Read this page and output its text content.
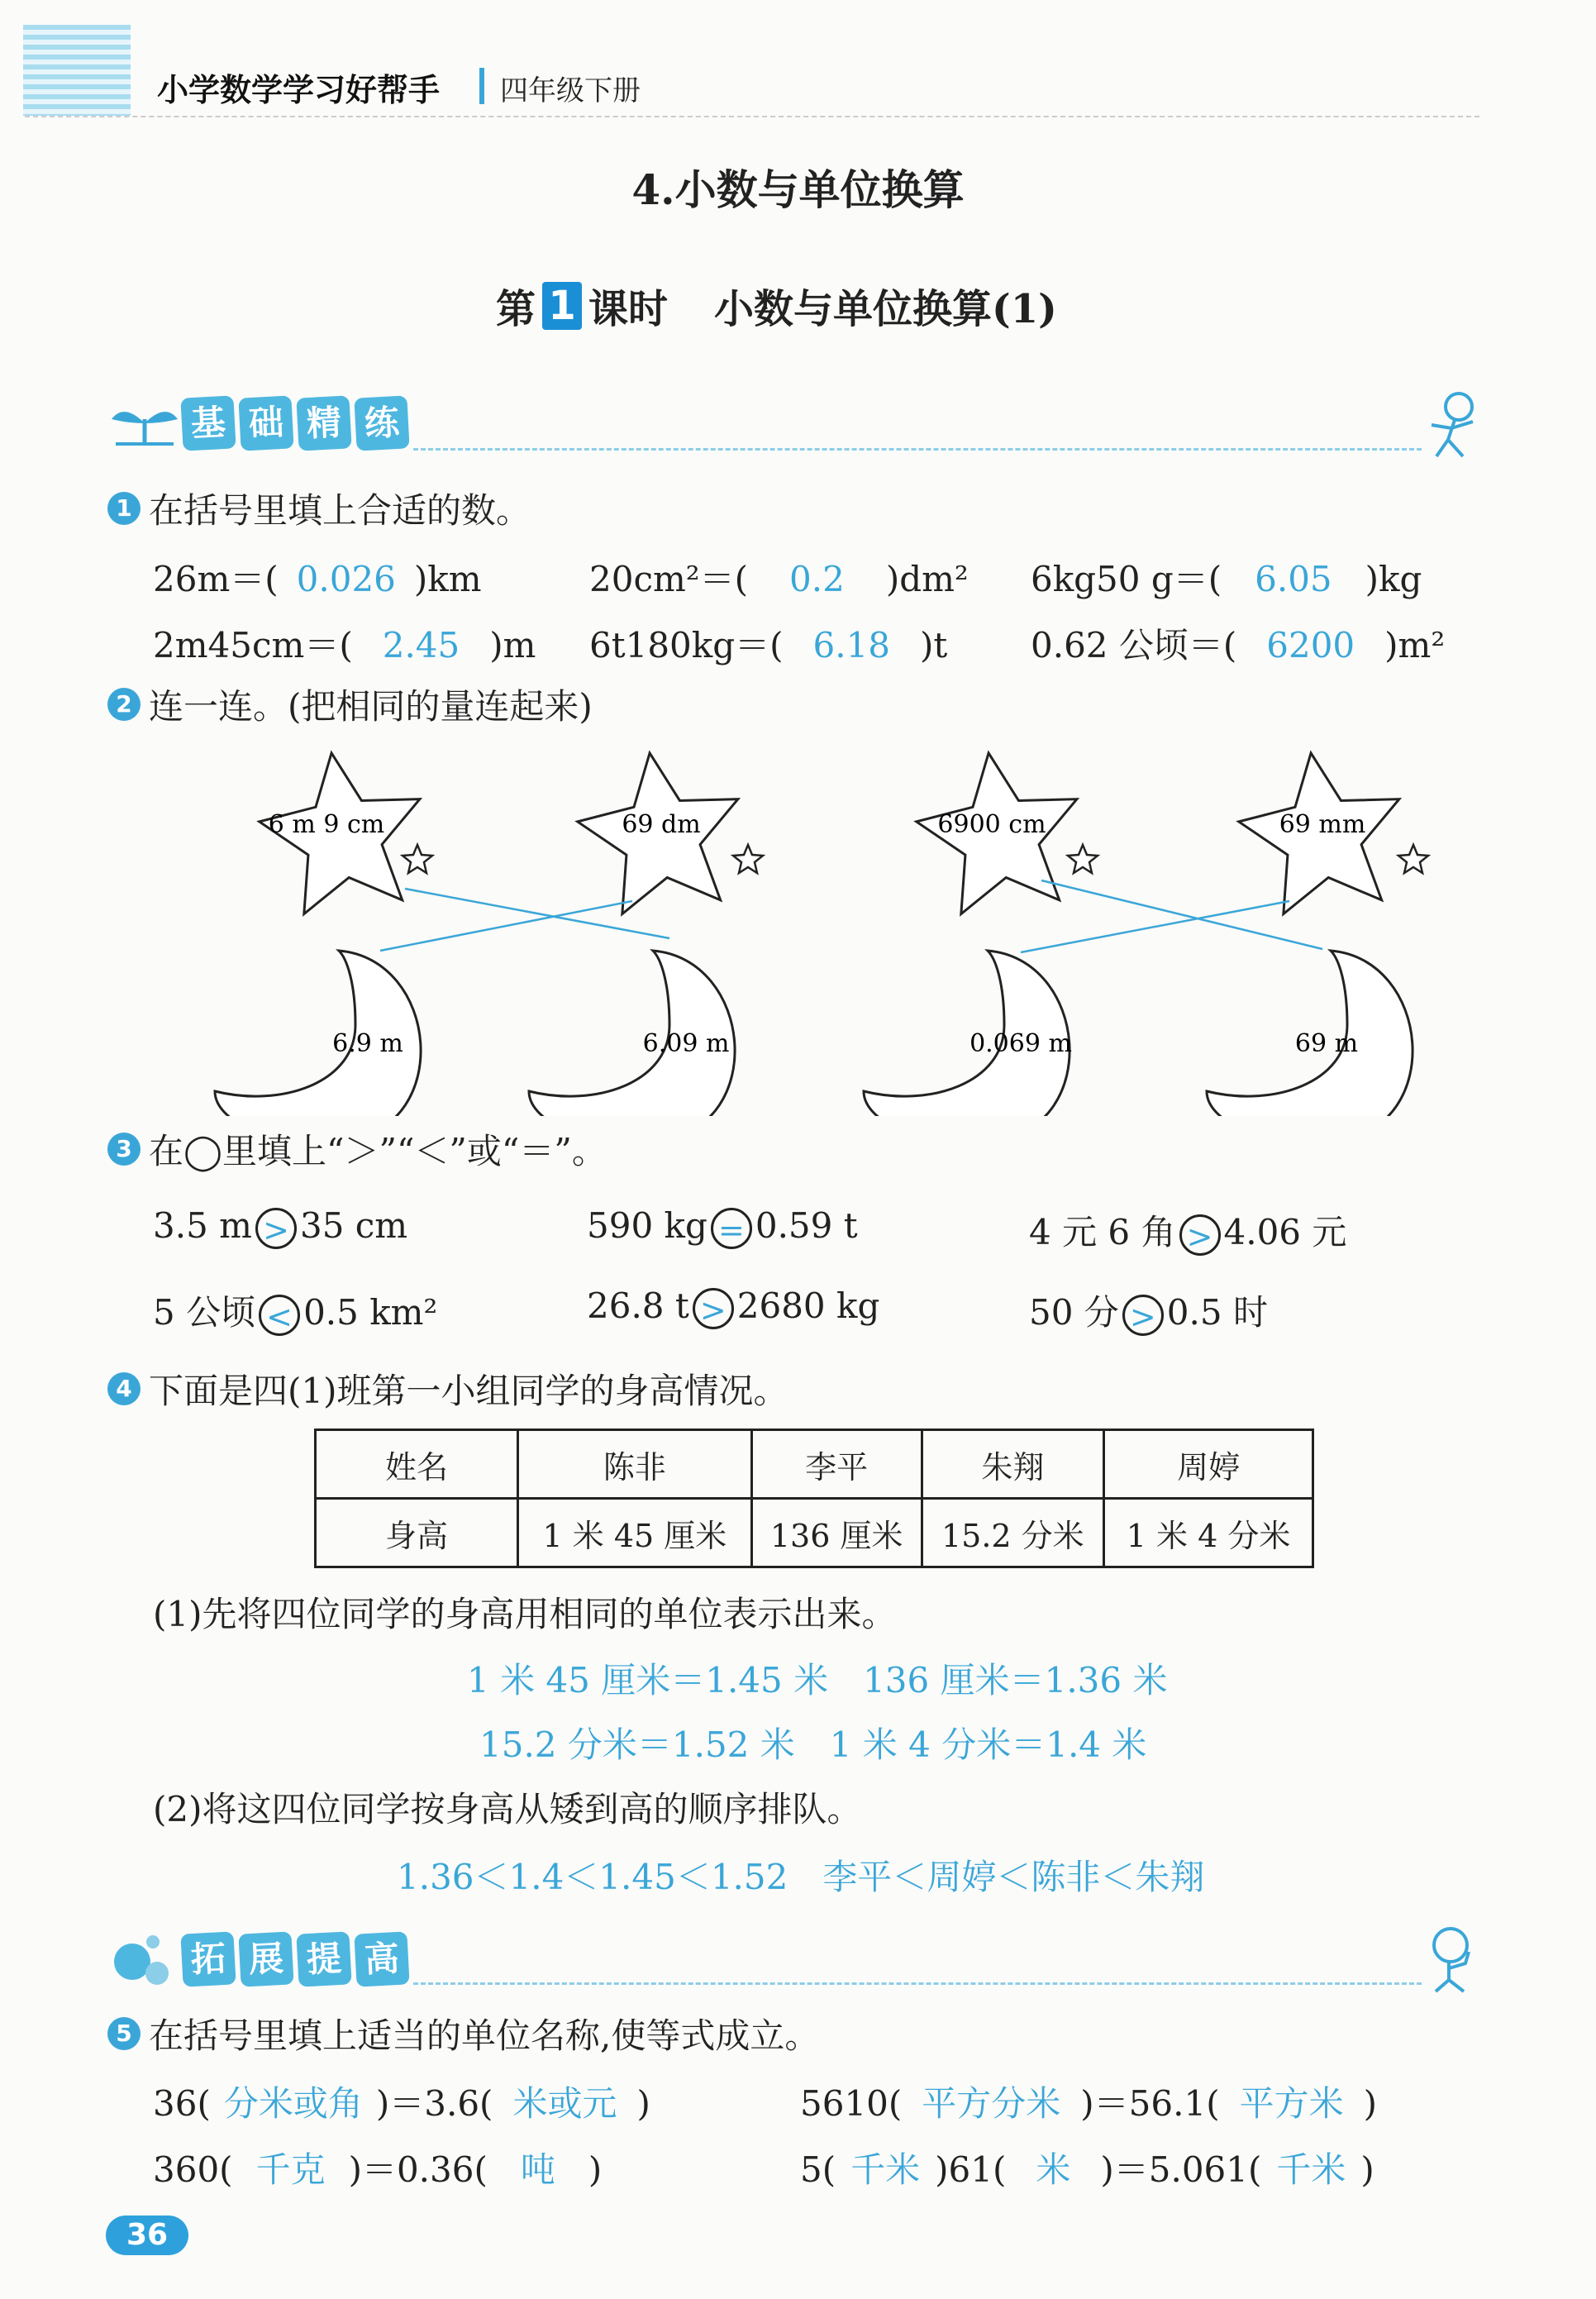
小学数学学习好帮手 四年级下册
4.小数与单位换算
第 1 课时 小数与单位换算(1)
基 础 精 练
1 在括号里填上合适的数。
26m＝( 0.026 )km	20cm²＝( 0.2 )dm² 6kg50 g＝( 6.05 )kg
2m45cm＝( 2.45 )m 6t180kg＝( 6.18 )t 0.62 公顷＝( 6200 )m²
2 连一连。(把相同的量连起来)
6 m 9 cm	69 dm	6900 cm	69 mm
6.9 m	6.09 m	0.069 m	69 m
3 在◯里填上“＞”“＜”或“＝”。
3.5 m > 35 cm	590 kg = 0.59 t	4 元 6 角 > 4.06 元
5 公顷 < 0.5 km²	26.8 t > 2680 kg	50 分 > 0.5 时
4 下面是四(1)班第一小组同学的身高情况。
姓名	陈非	李平	朱翔	周婷
身高	1 米 45 厘米	136 厘米	15.2 分米	1 米 4 分米
(1)先将四位同学的身高用相同的单位表示出来。
1 米 45 厘米＝1.45 米　136 厘米＝1.36 米
15.2 分米＝1.52 米　1 米 4 分米＝1.4 米
(2)将这四位同学按身高从矮到高的顺序排队。
1.36＜1.4＜1.45＜1.52　李平＜周婷＜陈非＜朱翔
拓 展 提 高
5 在括号里填上适当的单位名称,使等式成立。
36( 分米或角 )＝3.6( 米或元 )	5610( 平方分米 )＝56.1( 平方米 )
360( 千克 )＝0.36( 吨 )	5( 千米 )61( 米 )＝5.061( 千米 )
36
